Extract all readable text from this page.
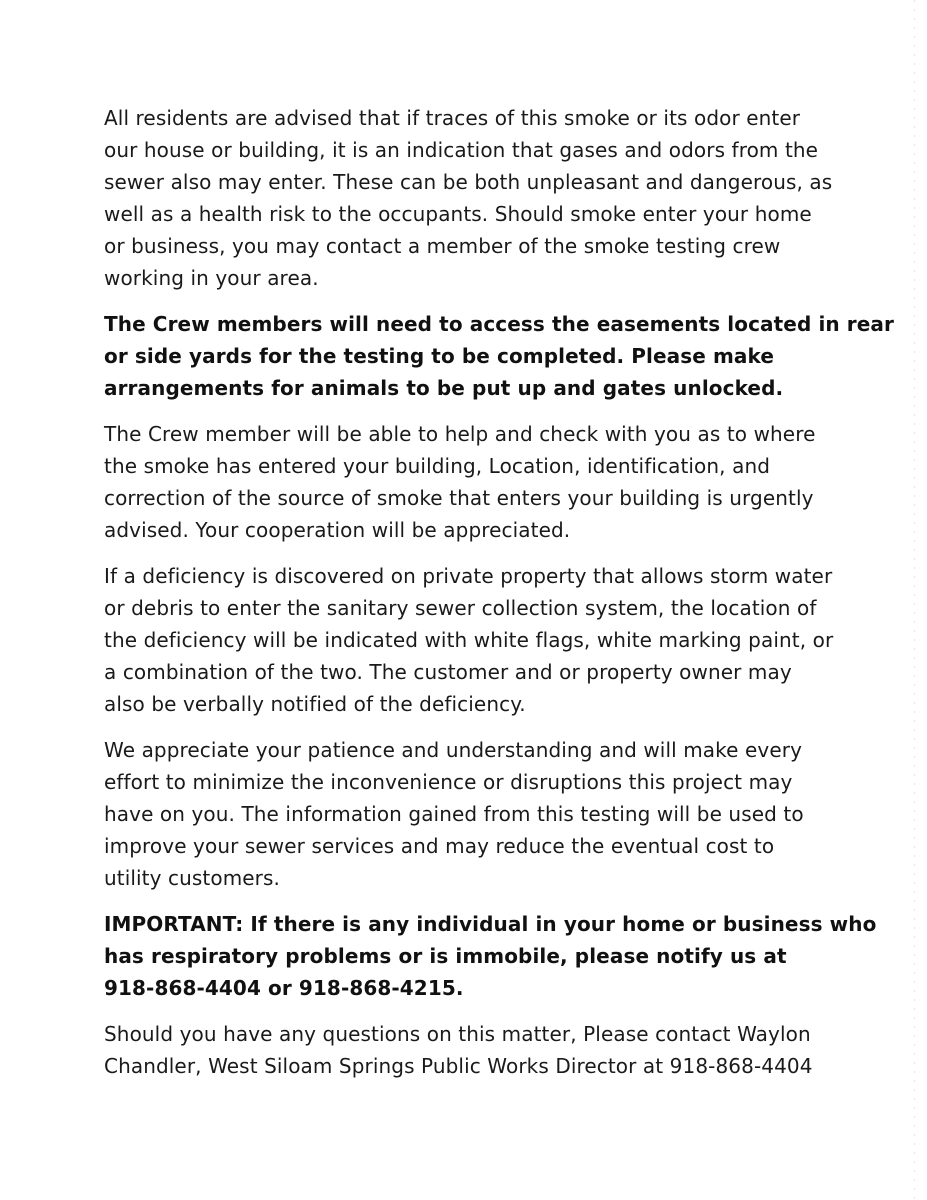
All residents are advised that if traces of this smoke or its odor enter
our house or building, it is an indication that gases and odors from the
sewer also may enter. These can be both unpleasant and dangerous, as
well as a health risk to the occupants. Should smoke enter your home
or business, you may contact a member of the smoke testing crew
working in your area.

The Crew members will need to access the easements located in rear
or side yards for the testing to be completed. Please make
arrangements for animals to be put up and gates unlocked.

The Crew member will be able to help and check with you as to where
the smoke has entered your building, Location, identification, and
correction of the source of smoke that enters your building is urgently
advised. Your cooperation will be appreciated.

If a deficiency is discovered on private property that allows storm water
or debris to enter the sanitary sewer collection system, the location of
the deficiency will be indicated with white flags, white marking paint, or
a combination of the two. The customer and or property owner may
also be verbally notified of the deficiency.

We appreciate your patience and understanding and will make every
effort to minimize the inconvenience or disruptions this project may
have on you. The information gained from this testing will be used to
improve your sewer services and may reduce the eventual cost to
utility customers.

IMPORTANT: If there is any individual in your home or business who
has respiratory problems or is immobile, please notify us at
918-868-4404 or 918-868-4215.

Should you have any questions on this matter, Please contact Waylon
Chandler, West Siloam Springs Public Works Director at 918-868-4404
